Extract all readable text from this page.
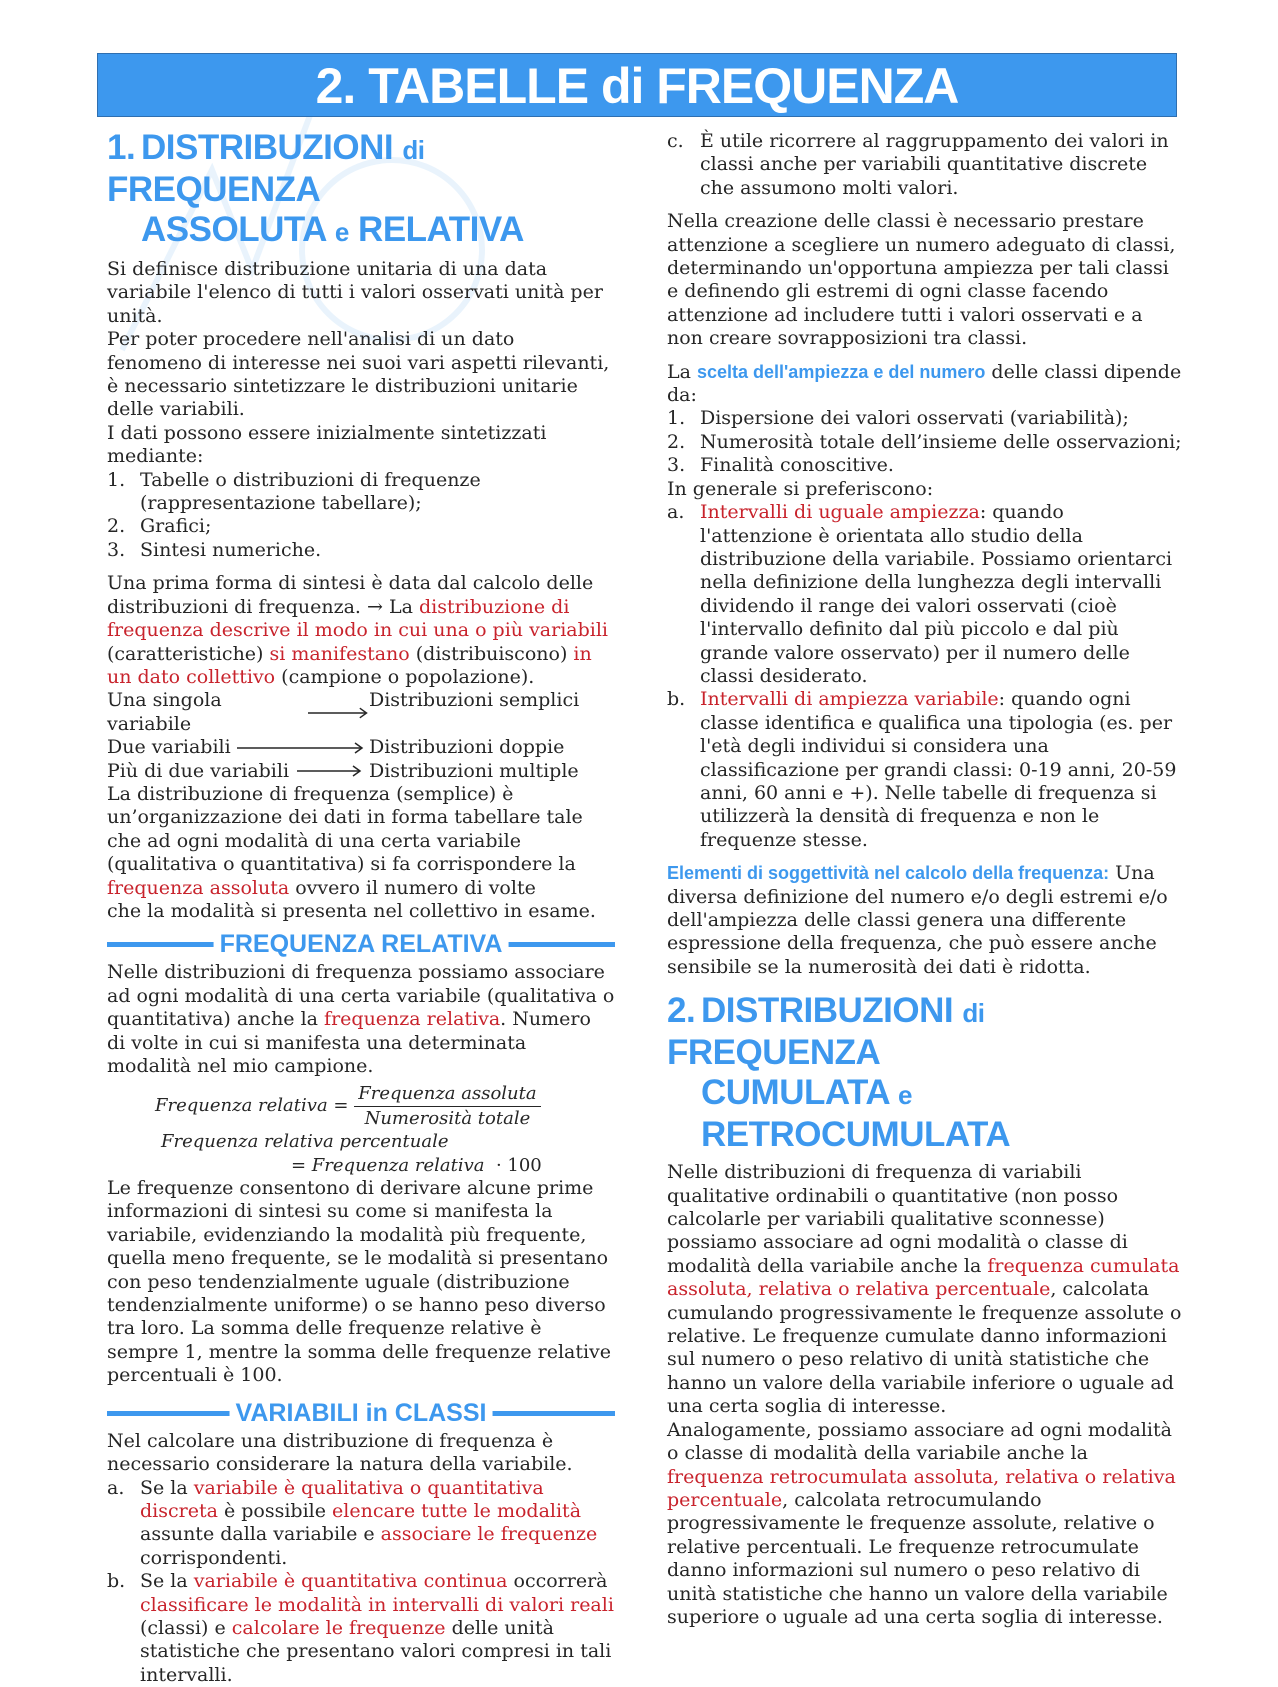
2. TABELLE di FREQUENZA
1. DISTRIBUZIONI di FREQUENZA
ASSOLUTA e RELATIVA

Si definisce distribuzione unitaria di una data variabile l'elenco di tutti i valori osservati unità per unità.

Per poter procedere nell'analisi di un dato fenomeno di interesse nei suoi vari aspetti rilevanti, è necessario sintetizzare le distribuzioni unitarie delle variabili.

I dati possono essere inizialmente sintetizzati mediante:

1. Tabelle o distribuzioni di frequenze (rappresentazione tabellare);
2. Grafici;
3. Sintesi numeriche.

Una prima forma di sintesi è data dal calcolo delle distribuzioni di frequenza. → La distribuzione di frequenza descrive il modo in cui una o più variabili (caratteristiche) si manifestano (distribuiscono) in un dato collettivo (campione o popolazione).

Una singola variabile
Distribuzioni semplici
Due variabili	Distribuzioni doppie
Più di due variabili	Distribuzioni multiple

La distribuzione di frequenza (semplice) è un’organizzazione dei dati in forma tabellare tale che ad ogni modalità di una certa variabile (qualitativa o quantitativa) si fa corrispondere la frequenza assoluta ovvero il numero di volte

che la modalità si presenta nel collettivo in esame.

FREQUENZA RELATIVA

Nelle distribuzioni di frequenza possiamo associare ad ogni modalità di una certa variabile (qualitativa o quantitativa) anche la frequenza relativa. Numero di volte in cui si manifesta una determinata modalità nel mio campione.

Frequenza relativa = $\frac{\text{Frequenza assoluta}}{\text{Numerosità totale}}$
Frequenza relativa percentuale
= Frequenza relativa · 100

Le frequenze consentono di derivare alcune prime informazioni di sintesi su come si manifesta la variabile, evidenziando la modalità più frequente, quella meno frequente, se le modalità si presentano con peso tendenzialmente uguale (distribuzione tendenzialmente uniforme) o se hanno peso diverso tra loro. La somma delle frequenze relative è sempre 1, mentre la somma delle frequenze relative percentuali è 100.

VARIABILI in CLASSI

Nel calcolare una distribuzione di frequenza è necessario considerare la natura della variabile.

a. Se la variabile è qualitativa o quantitativa discreta è possibile elencare tutte le modalità assunte dalla variabile e associare le frequenze corrispondenti.
b. Se la variabile è quantitativa continua occorrerà classificare le modalità in intervalli di valori reali (classi) e calcolare le frequenze delle unità statistiche che presentano valori compresi in tali intervalli.
c. È utile ricorrere al raggruppamento dei valori in classi anche per variabili quantitative discrete che assumono molti valori.

Nella creazione delle classi è necessario prestare attenzione a scegliere un numero adeguato di classi, determinando un'opportuna ampiezza per tali classi e definendo gli estremi di ogni classe facendo attenzione ad includere tutti i valori osservati e a non creare sovrapposizioni tra classi.

La scelta dell'ampiezza e del numero delle classi dipende da:

1. Dispersione dei valori osservati (variabilità);
2. Numerosità totale dell’insieme delle osservazioni;
3. Finalità conoscitive.

In generale si preferiscono:

a. Intervalli di uguale ampiezza: quando l'attenzione è orientata allo studio della distribuzione della variabile. Possiamo orientarci nella definizione della lunghezza degli intervalli dividendo il range dei valori osservati (cioè l'intervallo definito dal più piccolo e dal più grande valore osservato) per il numero delle classi desiderato.
b. Intervalli di ampiezza variabile: quando ogni classe identifica e qualifica una tipologia (es. per l'età degli individui si considera una classificazione per grandi classi: 0-19 anni, 20-59 anni, 60 anni e +). Nelle tabelle di frequenza si utilizzerà la densità di frequenza e non le frequenze stesse.

Elementi di soggettività nel calcolo della frequenza: Una diversa definizione del numero e/o degli estremi e/o dell'ampiezza delle classi genera una differente espressione della frequenza, che può essere anche sensibile se la numerosità dei dati è ridotta.

2. DISTRIBUZIONI di FREQUENZA
CUMULATA e RETROCUMULATA

Nelle distribuzioni di frequenza di variabili qualitative ordinabili o quantitative (non posso calcolarle per variabili qualitative sconnesse) possiamo associare ad ogni modalità o classe di modalità della variabile anche la frequenza cumulata assoluta, relativa o relativa percentuale, calcolata cumulando progressivamente le frequenze assolute o relative. Le frequenze cumulate danno informazioni sul numero o peso relativo di unità statistiche che hanno un valore della variabile inferiore o uguale ad una certa soglia di interesse.

Analogamente, possiamo associare ad ogni modalità o classe di modalità della variabile anche la frequenza retrocumulata assoluta, relativa o relativa percentuale, calcolata retrocumulando progressivamente le frequenze assolute, relative o relative percentuali. Le frequenze retrocumulate danno informazioni sul numero o peso relativo di unità statistiche che hanno un valore della variabile superiore o uguale ad una certa soglia di interesse.
